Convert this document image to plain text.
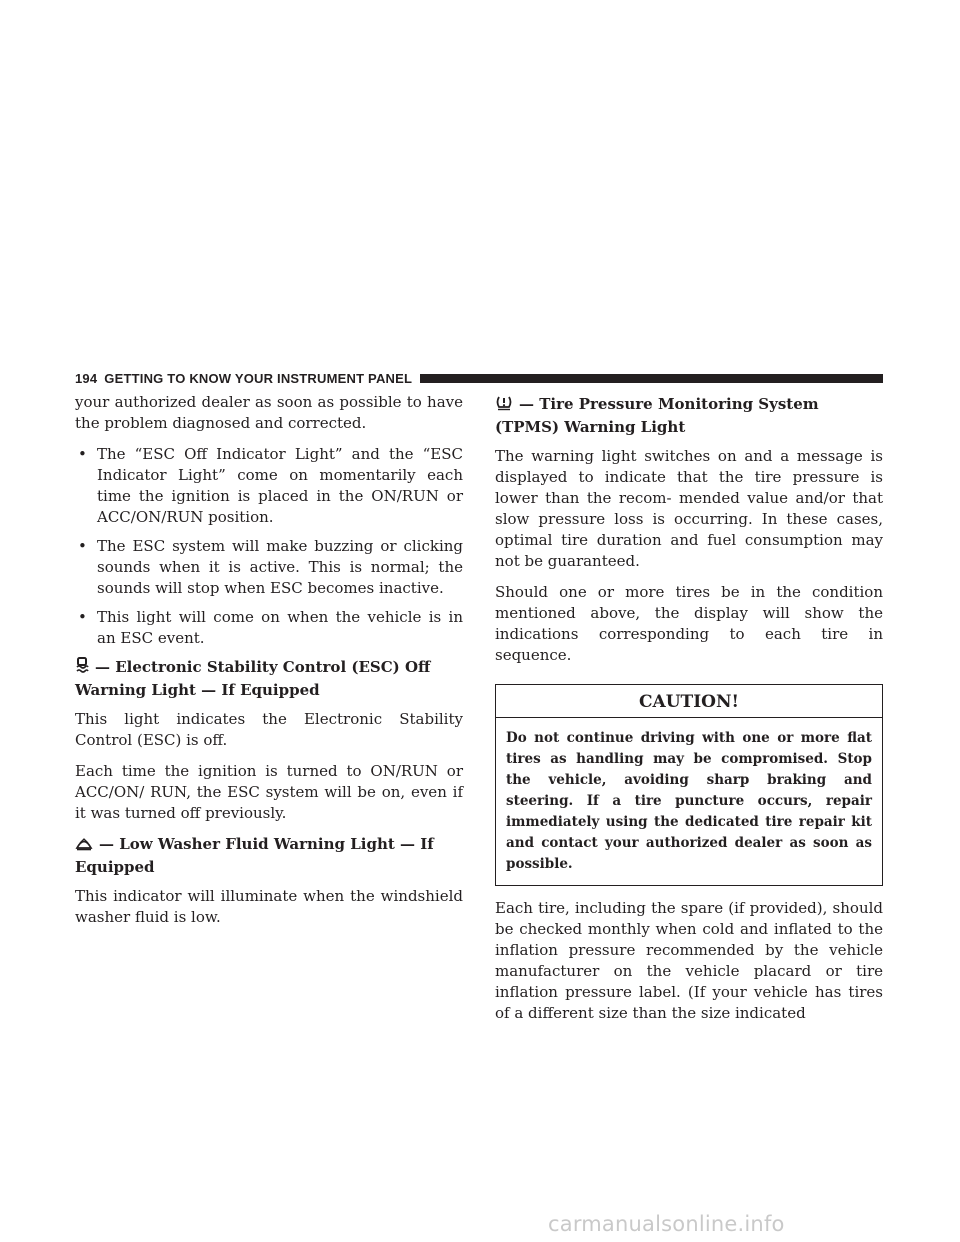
194 GETTING TO KNOW YOUR INSTRUMENT PANEL

your authorized dealer as soon as possible to have the problem diagnosed and corrected.

• The “ESC Off Indicator Light” and the “ESC Indicator Light” come on momentarily each time the ignition is placed in the ON/RUN or ACC/ON/RUN position.
• The ESC system will make buzzing or clicking sounds when it is active. This is normal; the sounds will stop when ESC becomes inactive.
• This light will come on when the vehicle is in an ESC event.
— Electronic Stability Control (ESC) Off Warning Light — If Equipped

This light indicates the Electronic Stability Control (ESC) is off.

Each time the ignition is turned to ON/RUN or ACC/ON/ RUN, the ESC system will be on, even if it was turned off previously.

— Low Washer Fluid Warning Light — If Equipped

This indicator will illuminate when the windshield washer fluid is low.

— Tire Pressure Monitoring System (TPMS) Warning Light

The warning light switches on and a message is displayed to indicate that the tire pressure is lower than the recom- mended value and/or that slow pressure loss is occurring. In these cases, optimal tire duration and fuel consumption may not be guaranteed.

Should one or more tires be in the condition mentioned above, the display will show the indications corresponding to each tire in sequence.

CAUTION!
Do not continue driving with one or more flat tires as handling may be compromised. Stop the vehicle, avoiding sharp braking and steering. If a tire puncture occurs, repair immediately using the dedicated tire repair kit and contact your authorized dealer as soon as possible.

Each tire, including the spare (if provided), should be checked monthly when cold and inflated to the inflation pressure recommended by the vehicle manufacturer on the vehicle placard or tire inflation pressure label. (If your vehicle has tires of a different size than the size indicated

carmanualsonline.info
